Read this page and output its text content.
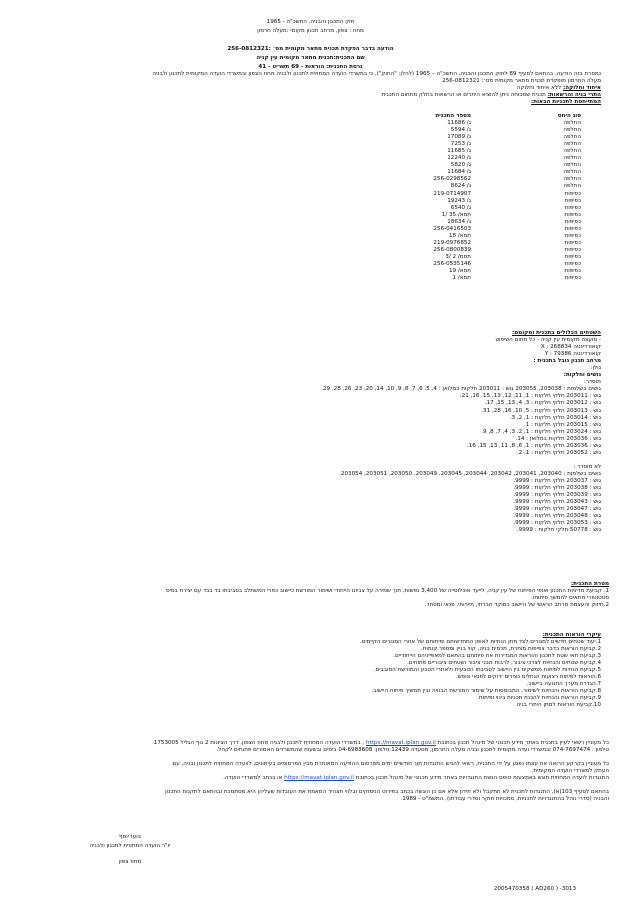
חוק התכנון והבניה, התשכ"ה - 1965
מחוז : צפון, מרחב תכנון מקומי :מעלה חרמון
הודעה בדבר הפקדת תכנית מתאר מקומית מס׳ :256-0812321
שם התכנית:תכנית מתאר מקומית עין קניה
גרסת התכנית: הוראות - 69 תשריט - 41
נמסרת בזה הודעה, בהתאם לסעיף 89 לחוק התכנון והבניה, התשכ"ה – 1965 (להלן: "החוק"), כי במשרדי הועדה המחוזית לתכנון ולבניה מחוז הצפון ובמשרדי הועדה המקומית לתכנון ולבניה
מעלה החרמון מופקדת תכנית מתאר מקומית מס׳: 256-0812321
איחוד וחלוקה: ללא איחוד וחלוקה
התרי בניה והרשאות: תכנית שמכוחה ניתן להוציא היתרים או הרשאות בחלק מתחום התכנית
המתייחסת לתכניות הבאות:
סוג היחס
מספר התכנית
החלפה
ג/ 11686
החלפה
ג/ 5594
החלפה
ג/ 17089
החלפה
ג/ 7253
החלפה
ג/ 11685
החלפה
ג/ 12240
החלפה
ג/ 5820
החלפה
ג/ 11684
החלפה
256-0298562
החלפה
ג/ 8624
כפיפות
219-0714907
כפיפות
ג/ 19243
כפיפות
ג/ 6540
כפיפות
תמא/ 35 /1
כפיפות
ג/ 18634
כפיפות
256-0416503
כפיפות
תמא/ 18
כפיפות
219-0976852
כפיפות
256-0800839
כפיפות
תממ/ 2 /3
כפיפות
256-0535146
כפיפות
תמא/ 19
כפיפות
תמא/ 1
השטחים הכלולים בתכנית ומקומם:
- מועצה מקומית עין קניה - כל תחום השיפוט
קואורדינטה X : 268834
קואורדינטה Y : 79386
מרחב תכנון גובל בתכנית :
גולן:
גושים וחלקות:
מוסדר:
גושים בשלמות : 203038, 203055 גוש : 203011 חלקות במלואן : 4, 5, 6, 7, 8, 9, 10, 14, 20, 23, 26, 28, 29.
גוש : 203011 חלקי חלקות : 1, 11, 12, 13, 15, 16, 21.
גוש : 203012 חלקי חלקות : 3, 4, 13, 15, 17.
גוש : 203013 חלקי חלקות : 5, 10, 16, 28, 31.
גוש : 203014 חלקי חלקות : 1, 2, 3.
גוש : 203015 חלקי חלקות : 1.
גוש : 203024 חלקי חלקות : 1, 2, 3, 4, 7, 8, 9.
גוש : 203036 חלקות במלואן : 14.
גוש : 203036 חלקי חלקות : 1, 6, 8, 11, 13, 15, 16.
גוש : 203052 חלקי חלקות : 1, 2.
לא מוסדר :
גושים בשלמות : 203040, 203041, 203042, 203044, 203045, 203049, 203050, 203051, 203054.
גוש : 203037 חלקי חלקות : 9999.
גוש : 203038 חלקי חלקות : 9999.
גוש : 203039 חלקי חלקות : 9999.
גוש : 203043 חלקי חלקות : 9999.
גוש : 203047 חלקי חלקות : 9999.
גוש : 203048 חלקי חלקות : 9999.
גוש : 203053 חלקי חלקות : 9999.
גוש : 50778 חלקי חלקות : 9999.
מטרת התכנית:
1. קביעת מדיניות התכנון ואופי הפיתוח של עין קניה, לייעד אוכלוסייה של 3,400 נפשות, תוך שמירה על צביונו הייחודי ושימור המורשת כיישוב כפרי המשתלב בסביבתו בד בבד עם יצירת בסיס
סטטוטורי מתאים להמשך פיתוחו.
2.חיזוק והעצמת מרחב הראשי של היישוב כמוקד חברתי, תיירותי, פנאי ומסחר.
עיקרי הוראות התכנית:
1.יעוד שטחים חדשים למגורים לצד מתן הנחיות לאופן התחדשותם ופיתוחם של אזורי המגורים הקיימים.
2.קביעת הוראות בדבר צפיפות מותרת, תכסית בניה, קווי בניין ומספר קומות.
3.קביעת תאי שטח לתכנון והוראות המגדירות את פיתוחם בהתאם למאפייניהם הייחודיים.
4.קביעת שטחים והנחיות לצרכי ציבור, לרבות מבני ציבור ושטחים ציבוריים פתוחים.
5.קביעת הנחיות לפיתוח ממשקים בין היישוב לסביבתו הטבעית ולאתרי הטבע והמורשת הסובבים.
6.הוראות לפיתוח רצועות הנחלים כצירים ירוקים לפנאי ונופש.
7.הגדרת מערך התנועה ביישוב.
8.קביעת הוראות והנחיות לשימור, המבוססות על שימור המורשת הבנויה ובין תמשיך פיתוח היישוב.
9.קביעת הוראות והנחיות להכנת תכניות בינוי ופיתוח.
10.קביעת הוראות למתן היתרי בניה.
כל מעוניין רשאי לעיין בתכנית באתר מידע תכנוני של מינהל תכנון בכתובת https://mavat.iplan.gov.il , במשרדי הועדה המחוזית לתכנון ולבניה מחוז הצפון, דרך הציונות 2 נוף הגליל 1753005
טלפון : 074-7697474 ובמשרדי ועדה מקומית לתכנון ובניה מעלה החרמון, מסעדה 12439 טלפון: 04-6983608 בימים ובשעות שהמשרדים האמורים פתוחים לקהל.
כל מעוניין בקרקע הרואה את עצמו נפגע על ידי התכנית, רשאי להגיש התנגדות תוך חודשיים ימים מפרסום ההודעה המאוחרת מבין הפרסומים בעיתונים, לוועדה המחוזית לתכנון ובניה, עם
העתק למשרדי הועדה המקומית.
התנגדות לועדה המחוזית תוגש באמצעות טופס הגשת התנגדויות באתר מידע תכנוני של מינהל תכנון בכתובת https://mavat.iplan.gov.il או בכתב למשרדי הועדה.
בהתאם לסעיף 103(א), התנגדות לתכנית לא תתקבל ולא תידון אלא אם כן הוגשה בכתב בפירוט הנימוקים ובלווי תצהיר המאמת את העובדות שעליהן היא מסתמכת ובהתאם לתקנות התכנון
והבניה (סדרי נוהל בהתנגדויות לתכניות, סמכויות חוקר וסדרי עבודתו), התשמ"ט - 1989.
בועז יוסף
יו"ר הועדה המחוזית לתכנון ולבניה
מחוז צפון
2005470358 ( AD260 ) -3013
